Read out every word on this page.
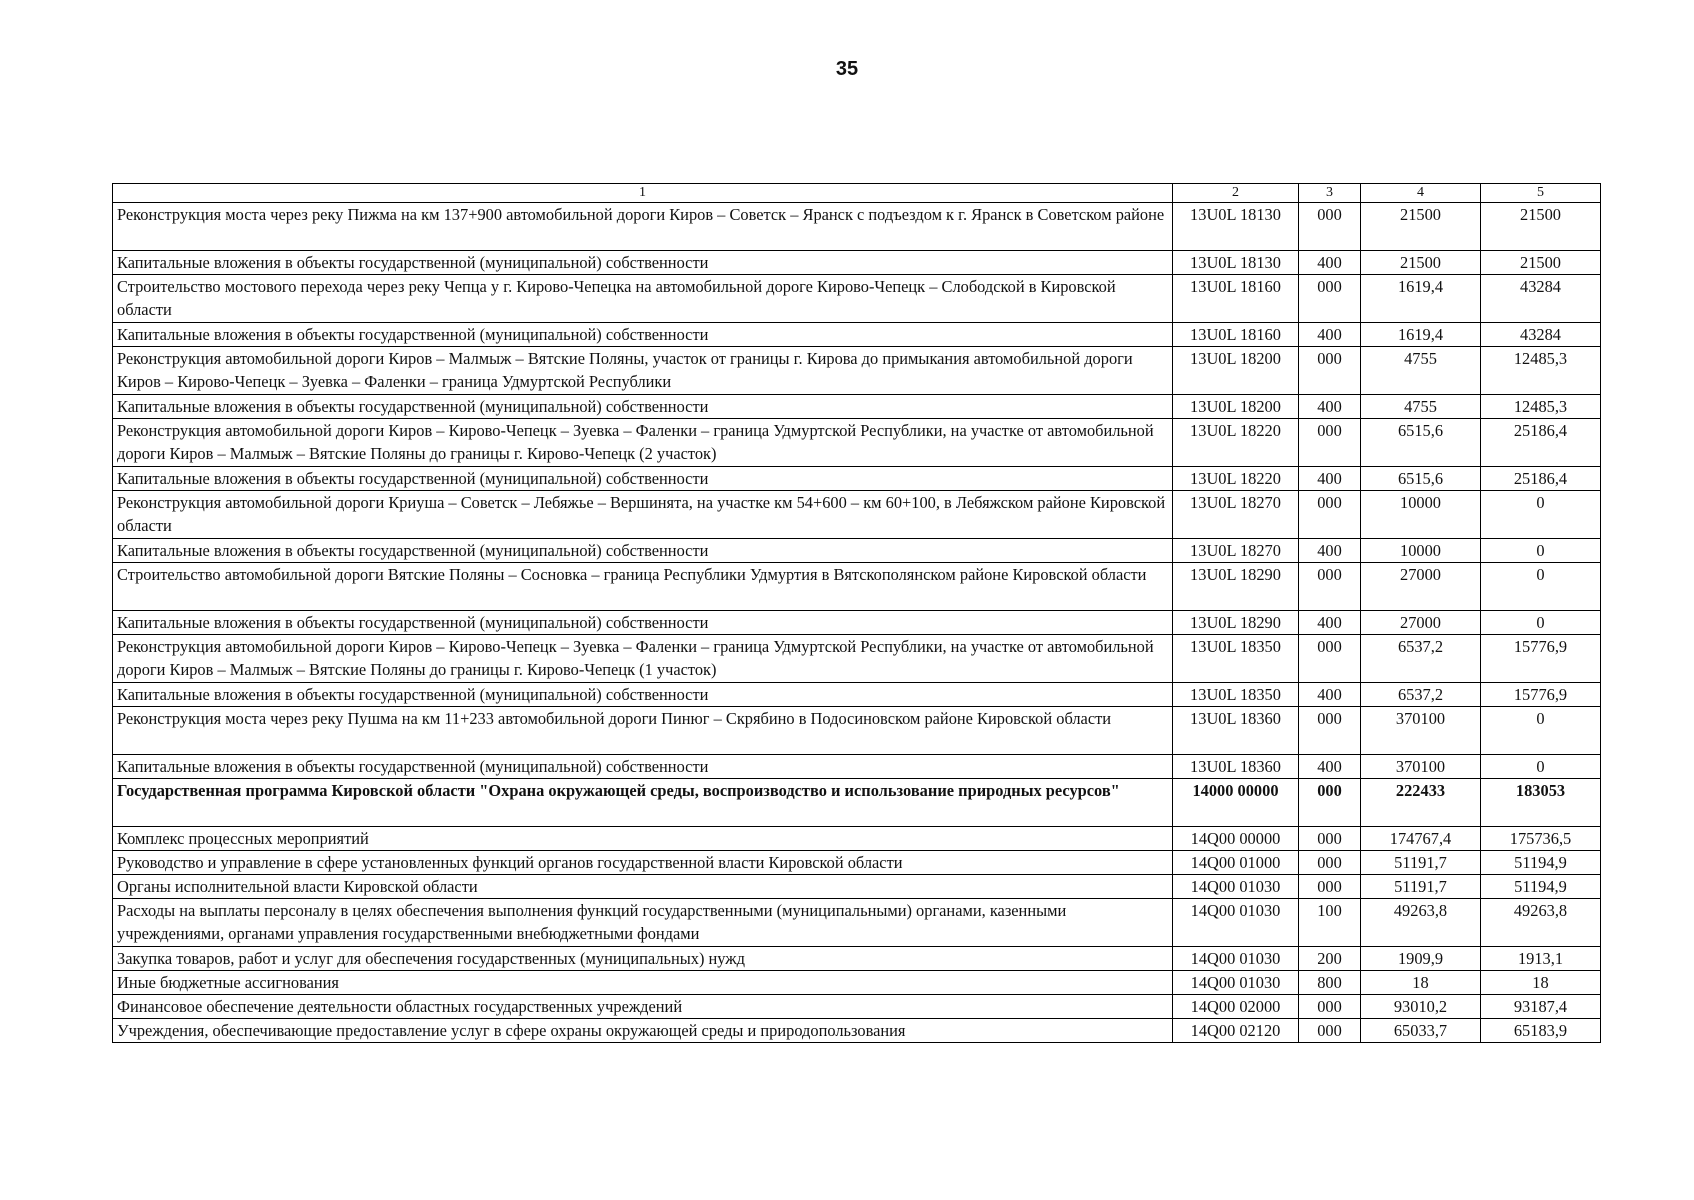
35
1	2	3	4	5
Реконструкция моста через реку Пижма на км 137+900 автомобильной дороги Киров – Советск – Яранск с подъездом к г. Яранск в Советском районе	13U0L 18130	000	21500	21500
Капитальные вложения в объекты государственной (муниципальной) собственности	13U0L 18130	400	21500	21500
Строительство мостового перехода через реку Чепца у г. Кирово-Чепецка на автомобильной дороге Кирово-Чепецк – Слободской в Кировской области	13U0L 18160	000	1619,4	43284
Капитальные вложения в объекты государственной (муниципальной) собственности	13U0L 18160	400	1619,4	43284
Реконструкция автомобильной дороги Киров – Малмыж – Вятские Поляны, участок от границы г. Кирова до примыкания автомобильной дороги Киров – Кирово-Чепецк – Зуевка – Фаленки – граница Удмуртской Республики	13U0L 18200	000	4755	12485,3
Капитальные вложения в объекты государственной (муниципальной) собственности	13U0L 18200	400	4755	12485,3
Реконструкция автомобильной дороги Киров – Кирово-Чепецк – Зуевка – Фаленки – граница Удмуртской Республики, на участке от автомобильной дороги Киров – Малмыж – Вятские Поляны до границы г. Кирово-Чепецк (2 участок)	13U0L 18220	000	6515,6	25186,4
Капитальные вложения в объекты государственной (муниципальной) собственности	13U0L 18220	400	6515,6	25186,4
Реконструкция автомобильной дороги Криуша – Советск – Лебяжье – Вершинята, на участке км 54+600 – км 60+100, в Лебяжском районе Кировской области	13U0L 18270	000	10000	0
Капитальные вложения в объекты государственной (муниципальной) собственности	13U0L 18270	400	10000	0
Строительство автомобильной дороги Вятские Поляны – Сосновка – граница Республики Удмуртия в Вятскополянском районе Кировской области	13U0L 18290	000	27000	0
Капитальные вложения в объекты государственной (муниципальной) собственности	13U0L 18290	400	27000	0
Реконструкция автомобильной дороги Киров – Кирово-Чепецк – Зуевка – Фаленки – граница Удмуртской Республики, на участке от автомобильной дороги Киров – Малмыж – Вятские Поляны до границы г. Кирово-Чепецк (1 участок)	13U0L 18350	000	6537,2	15776,9
Капитальные вложения в объекты государственной (муниципальной) собственности	13U0L 18350	400	6537,2	15776,9
Реконструкция моста через реку Пушма на км 11+233 автомобильной дороги Пинюг – Скрябино в Подосиновском районе Кировской области	13U0L 18360	000	370100	0
Капитальные вложения в объекты государственной (муниципальной) собственности	13U0L 18360	400	370100	0
Государственная программа Кировской области "Охрана окружающей среды, воспроизводство и использование природных ресурсов"	14000 00000	000	222433	183053
Комплекс процессных мероприятий	14Q00 00000	000	174767,4	175736,5
Руководство и управление в сфере установленных функций органов государственной власти Кировской области	14Q00 01000	000	51191,7	51194,9
Органы исполнительной власти Кировской области	14Q00 01030	000	51191,7	51194,9
Расходы на выплаты персоналу в целях обеспечения выполнения функций государственными (муниципальными) органами, казенными учреждениями, органами управления государственными внебюджетными фондами	14Q00 01030	100	49263,8	49263,8
Закупка товаров, работ и услуг для обеспечения государственных (муниципальных) нужд	14Q00 01030	200	1909,9	1913,1
Иные бюджетные ассигнования	14Q00 01030	800	18	18
Финансовое обеспечение деятельности областных государственных учреждений	14Q00 02000	000	93010,2	93187,4
Учреждения, обеспечивающие предоставление услуг в сфере охраны окружающей среды и природопользования	14Q00 02120	000	65033,7	65183,9
